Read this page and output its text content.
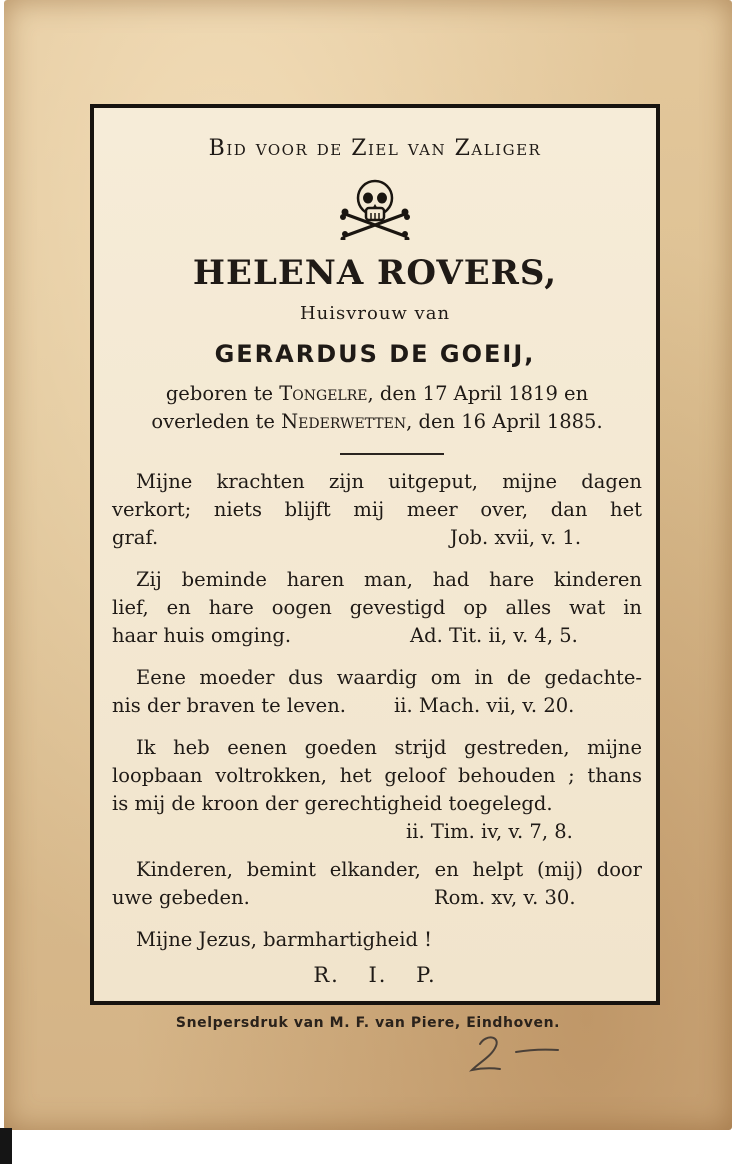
Bid voor de Ziel van Zaliger
HELENA ROVERS,
Huisvrouw van
GERARDUS DE GOEIJ,
geboren te Tongelre, den 17 April 1819 en
overleden te Nederwetten, den 16 April 1885.
Mijne krachten zijn uitgeput, mijne dagen
verkort; niets blijft mij meer over, dan het
graf.	Job. xvii, v. 1.
Zij beminde haren man, had hare kinderen
lief, en hare oogen gevestigd op alles wat in
haar huis omging.	Ad. Tit. ii, v. 4, 5.
Eene moeder dus waardig om in de gedachte-
nis der braven te leven.	ii. Mach. vii, v. 20.
Ik heb eenen goeden strijd gestreden, mijne
loopbaan voltrokken, het geloof behouden ; thans
is mij de kroon der gerechtigheid toegelegd.
ii. Tim. iv, v. 7, 8.
Kinderen, bemint elkander, en helpt (mij) door
uwe gebeden.	Rom. xv, v. 30.
Mijne Jezus, barmhartigheid !
R. I. P.
Snelpersdruk van M. F. van Piere, Eindhoven.
